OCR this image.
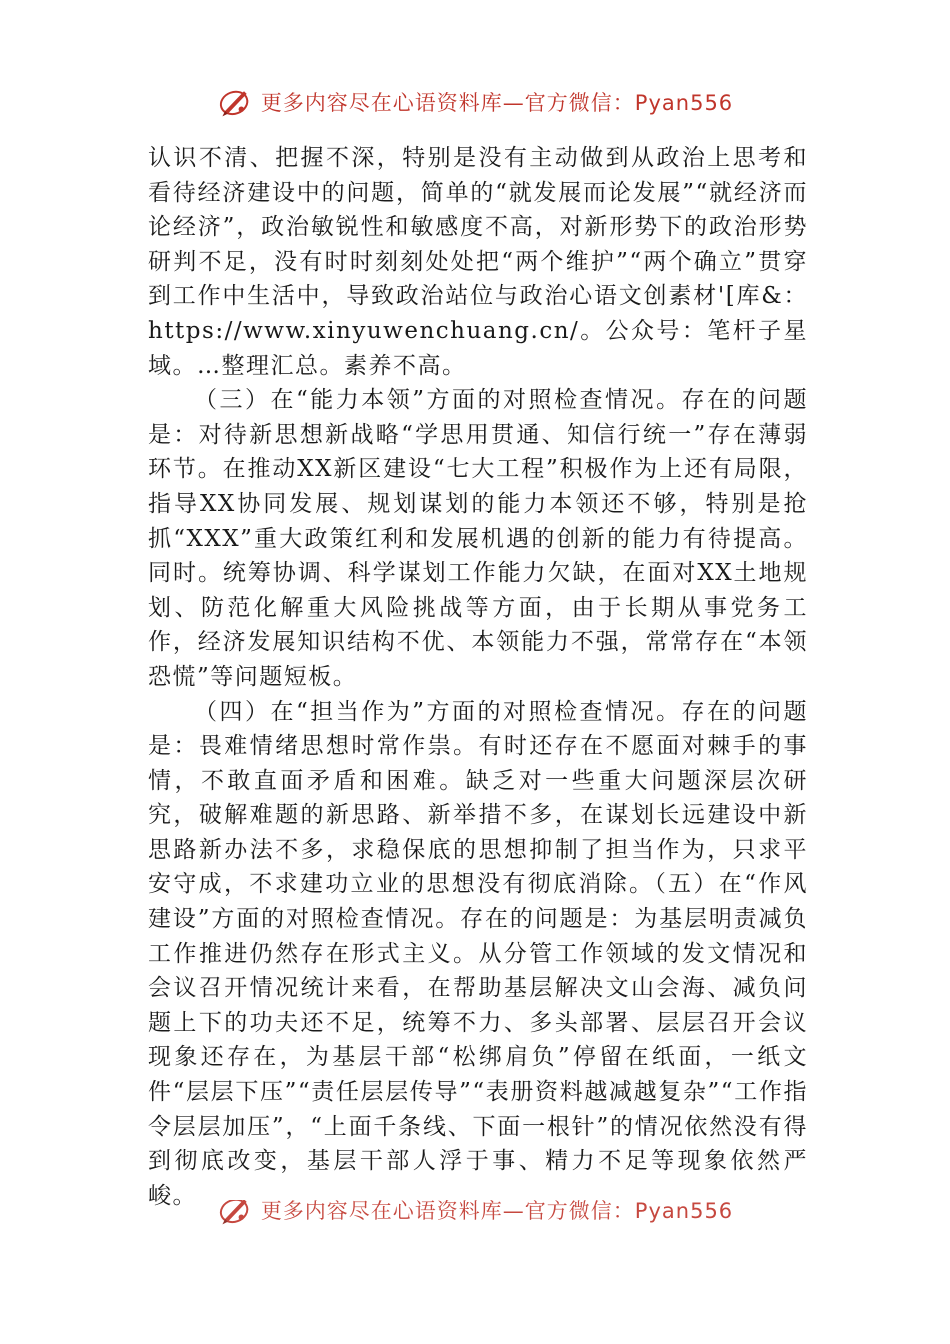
更多内容尽在心语资料库—官方微信：Pyan556

认识不清、把握不深，特别是没有主动做到从政治上思考和看待经济建设中的问题，简单的“就发展而论发展”“就经济而论经济”，政治敏锐性和敏感度不高，对新形势下的政治形势研判不足，没有时时刻刻处处把“两个维护”“两个确立”贯穿到工作中生活中，导致政治站位与政治心语文创素材'[库&：https://www.xinyuwenchuang.cn/。公众号：笔杆子星域。…整理汇总。素养不高。

（三）在“能力本领”方面的对照检查情况。存在的问题是：对待新思想新战略“学思用贯通、知信行统一”存在薄弱环节。在推动XX新区建设“七大工程”积极作为上还有局限，指导XX协同发展、规划谋划的能力本领还不够，特别是抢抓“XXX”重大政策红利和发展机遇的创新的能力有待提高。同时。统筹协调、科学谋划工作能力欠缺，在面对XX土地规划、防范化解重大风险挑战等方面，由于长期从事党务工作，经济发展知识结构不优、本领能力不强，常常存在“本领恐慌”等问题短板。

（四）在“担当作为”方面的对照检查情况。存在的问题是：畏难情绪思想时常作祟。有时还存在不愿面对棘手的事情，不敢直面矛盾和困难。缺乏对一些重大问题深层次研究，破解难题的新思路、新举措不多，在谋划长远建设中新思路新办法不多，求稳保底的思想抑制了担当作为，只求平安守成，不求建功立业的思想没有彻底消除。（五）在“作风建设”方面的对照检查情况。存在的问题是：为基层明责减负工作推进仍然存在形式主义。从分管工作领域的发文情况和会议召开情况统计来看，在帮助基层解决文山会海、减负问题上下的功夫还不足，统筹不力、多头部署、层层召开会议现象还存在，为基层干部“松绑肩负”停留在纸面，一纸文件“层层下压”“责任层层传导”“表册资料越减越复杂”“工作指令层层加压”，“上面千条线、下面一根针”的情况依然没有得到彻底改变，基层干部人浮于事、精力不足等现象依然严峻。

更多内容尽在心语资料库—官方微信：Pyan556
